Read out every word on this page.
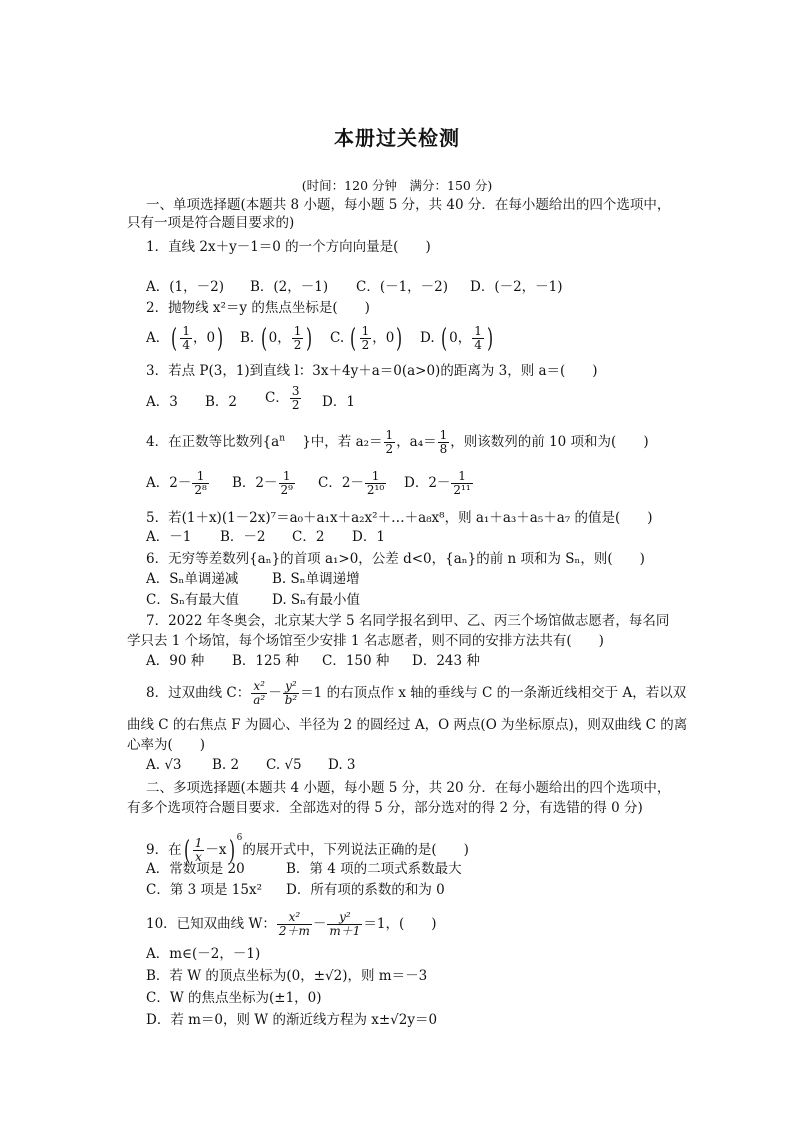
本册过关检测
(时间：120 分钟　满分：150 分)
一、单项选择题(本题共 8 小题，每小题 5 分，共 40 分．在每小题给出的四个选项中，
只有一项是符合题目要求的)
1．直线 2x＋y－1＝0 的一个方向向量是(　　)
A．(1，－2) B．(2，－1) C．(－1，－2) D．(－2，－1)
2．抛物线 x²＝y 的焦点坐标是(　　)
A．( $\frac{1}{4}$ ，0) B. ( 0， $\frac{1}{2}$ ) C. ( $\frac{1}{2}$ ，0) D. ( 0， $\frac{1}{4}$ )
3．若点 P(3，1)到直线 l：3x＋4y＋a＝0(a>0)的距离为 3，则 a＝(　　)
A．3 B．2 C． $\frac{3}{2}$ D．1
4．在正数等比数列{$a^n$ }中，若 $a_2= \frac{1}{2}$ ，$a_4= \frac{1}{8}$ ，则该数列的前 10 项和为(　　)
A．$2- \frac{1}{\text{2⁸}}$ B．$2- \frac{1}{\text{2⁹}}$ C．$2- \frac{1}{\text{2¹⁰}}$ D．$2- \frac{1}{\text{2¹¹}}$
5．若(1＋x)(1－2x)⁷＝a₀＋a₁x＋a₂x²＋…＋a₈x⁸，则 a₁＋a₃＋a₅＋a₇ 的值是(　　)
A．－1 B．－2 C．2 D．1
6．无穷等差数列{aₙ}的首项 a₁>0，公差 d<0，{aₙ}的前 n 项和为 Sₙ，则(　　)
A．Sₙ单调递减 B. Sₙ单调递增
C．Sₙ有最大值 D. Sₙ有最小值
7．2022 年冬奥会，北京某大学 5 名同学报名到甲、乙、丙三个场馆做志愿者，每名同
学只去 1 个场馆，每个场馆至少安排 1 名志愿者，则不同的安排方法共有(　　)
A．90 种 B．125 种 C．150 种 D．243 种
8．过双曲线 C： $\frac{\text{x²}}{\text{a²}} - \frac{\text{y²}}{\text{b²}} =1$ 的右顶点作 x 轴的垂线与 C 的一条渐近线相交于 A，若以双
曲线 C 的右焦点 F 为圆心、半径为 2 的圆经过 A，O 两点(O 为坐标原点)，则双曲线 C 的离
心率为(　　)
A. √3 B. 2 C. √5 D. 3
二、多项选择题(本题共 4 小题，每小题 5 分，共 20 分．在每小题给出的四个选项中，
有多个选项符合题目要求．全部选对的得 5 分，部分选对的得 2 分，有选错的得 0 分)
9．在( $\frac{1}{x} -x$) $^6$的展开式中，下列说法正确的是(　　)
A．常数项是 20	B．第 4 项的二项式系数最大
C．第 3 项是 15x² D．所有项的系数的和为 0
10．已知双曲线 W： $\frac{\text{x²}}{2+m} - \frac{\text{y²}}{m+1} =1$，(　　)
A．m∈(－2，－1)
B．若 W 的顶点坐标为(0，±√2)，则 m＝－3
C．W 的焦点坐标为(±1，0)
D．若 m＝0，则 W 的渐近线方程为 x±√2y＝0
